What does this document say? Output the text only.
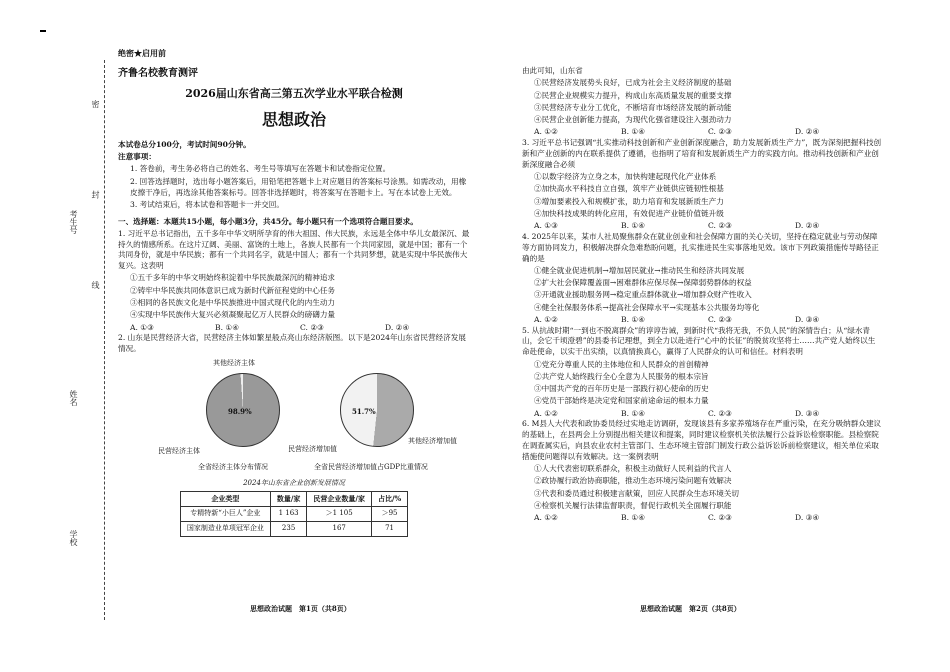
考生号
姓名
学校
密 封 线
绝密★启用前
齐鲁名校教育测评
2026届山东省高三第五次学业水平联合检测
思想政治

本试卷总分100分，考试时间90分钟。

注意事项：

1. 答卷前，考生务必将自己的姓名、考生号等填写在答题卡和试卷指定位置。

2. 回答选择题时，选出每小题答案后，用铅笔把答题卡上对应题目的答案标号涂黑。如需改动，用橡皮擦干净后，再选涂其他答案标号。回答非选择题时，将答案写在答题卡上。写在本试卷上无效。

3. 考试结束后，将本试卷和答题卡一并交回。

一、选择题：本题共15小题，每小题3分，共45分。每小题只有一个选项符合题目要求。

1. 习近平总书记指出，五千多年中华文明所孕育的伟大祖国、伟大民族，永远是全体中华儿女最深沉、最持久的情感所系。在这片辽阔、美丽、富饶的土地上，各族人民都有一个共同家园，就是中国；都有一个共同身份，就是中华民族；都有一个共同名字，就是中国人；都有一个共同梦想，就是实现中华民族伟大复兴。这表明

①五千多年的中华文明始终积淀着中华民族最深沉的精神追求

②铸牢中华民族共同体意识已成为新时代新征程党的中心任务

③相同的各民族文化是中华民族推进中国式现代化的内生动力

④实现中华民族伟大复兴必须凝聚起亿万人民群众的磅礴力量

A. ①③	B. ①④	C. ②③	D. ②④

2. 山东是民营经济大省，民营经济主体如繁星般点亮山东经济版图。以下是2024年山东省民营经济发展情况。

其他经济主体
98.9%
民营经济主体
全省经济主体分布情况
51.7%
民营经济增加值
其他经济增加值
全省民营经济增加值占GDP比重情况
2024年山东省企业创新发展情况
企业类型	数量/家	民营企业数量/家	占比/%
专精特新“小巨人”企业	1 163	＞1 105	＞95
国家制造业单项冠军企业	235	167	71

由此可知，山东省

①民营经济发展势头良好，已成为社会主义经济制度的基础

②民营企业规模实力提升，构成山东高质量发展的重要支撑

③民营经济专业分工优化，不断培育市场经济发展的新动能

④民营企业创新能力提高，为现代化强省建设注入强劲动力

A. ①②	B. ①④	C. ②③	D. ②④

3. 习近平总书记强调“扎实推动科技创新和产业创新深度融合，助力发展新质生产力”，既为深刻把握科技创新和产业创新的内在联系提供了遵循，也指明了培育和发展新质生产力的实践方向。推动科技创新和产业创新深度融合必须

①以数字经济为立身之本，加快构建起现代化产业体系

②加快高水平科技自立自强，筑牢产业链供应链韧性根基

③增加要素投入和规模扩张，助力培育和发展新质生产力

④加快科技成果的转化应用，有效促进产业链价值链升级

A. ①③	B. ①④	C. ②③	D. ②④

4. 2025年以来，某市人社局聚焦群众在就业创业和社会保障方面的关心关切，坚持在稳定就业与劳动保障等方面协同发力，积极解决群众急难愁盼问题，扎实推进民生实事落地见效。该市下列政策措施传导路径正确的是

①健全就业促进机制→增加居民就业→推动民生和经济共同发展

②扩大社会保障覆盖面→困难群体应保尽保→保障弱势群体的权益

③开通就业援助服务网→稳定重点群体就业→增加群众财产性收入

④健全社保服务体系→提高社会保障水平→实现基本公共服务均等化

A. ①②	B. ①④	C. ②③	D. ③④

5. 从抗战时期“一到也不脱离群众”的谆谆告诫，到新时代“我将无我，不负人民”的深情告白；从“绿水青山，会它千顷澄碧”的县委书记理想，到全力以赴进行“心中的长征”的脱贫攻坚将士……共产党人始终以生命赴使命，以实干出实绩，以真情换真心，赢得了人民群众的认可和信任。材料表明

①党充分尊重人民的主体地位和人民群众的首创精神

②共产党人始终践行全心全意为人民服务的根本宗旨

③中国共产党的百年历史是一部践行初心使命的历史

④党员干部始终是决定党和国家前途命运的根本力量

A. ①②	B. ①④	C. ②③	D. ③④

6. M县人大代表和政协委员经过实地走访调研，发现该县有多家养殖场存在严重污染，在充分吸纳群众建议的基础上，在县两会上分别提出相关建议和提案，同时建议检察机关依法履行公益诉讼检察职能。县检察院在调查属实后，向县农业农村主管部门、生态环境主管部门制发行政公益诉讼诉前检察建议，相关单位采取措施使问题得以有效解决。这一案例表明

①人大代表密切联系群众，积极主动做好人民利益的代言人

②政协履行政治协商职能，推动生态环境污染问题有效解决

③代表和委员通过积极建言献策，回应人民群众生态环境关切

④检察机关履行法律监督职责，督促行政机关全面履行职能

A. ①②	B. ①④	C. ②③	D. ③④
思想政治试题　第1页（共8页）	思想政治试题　第2页（共8页）
